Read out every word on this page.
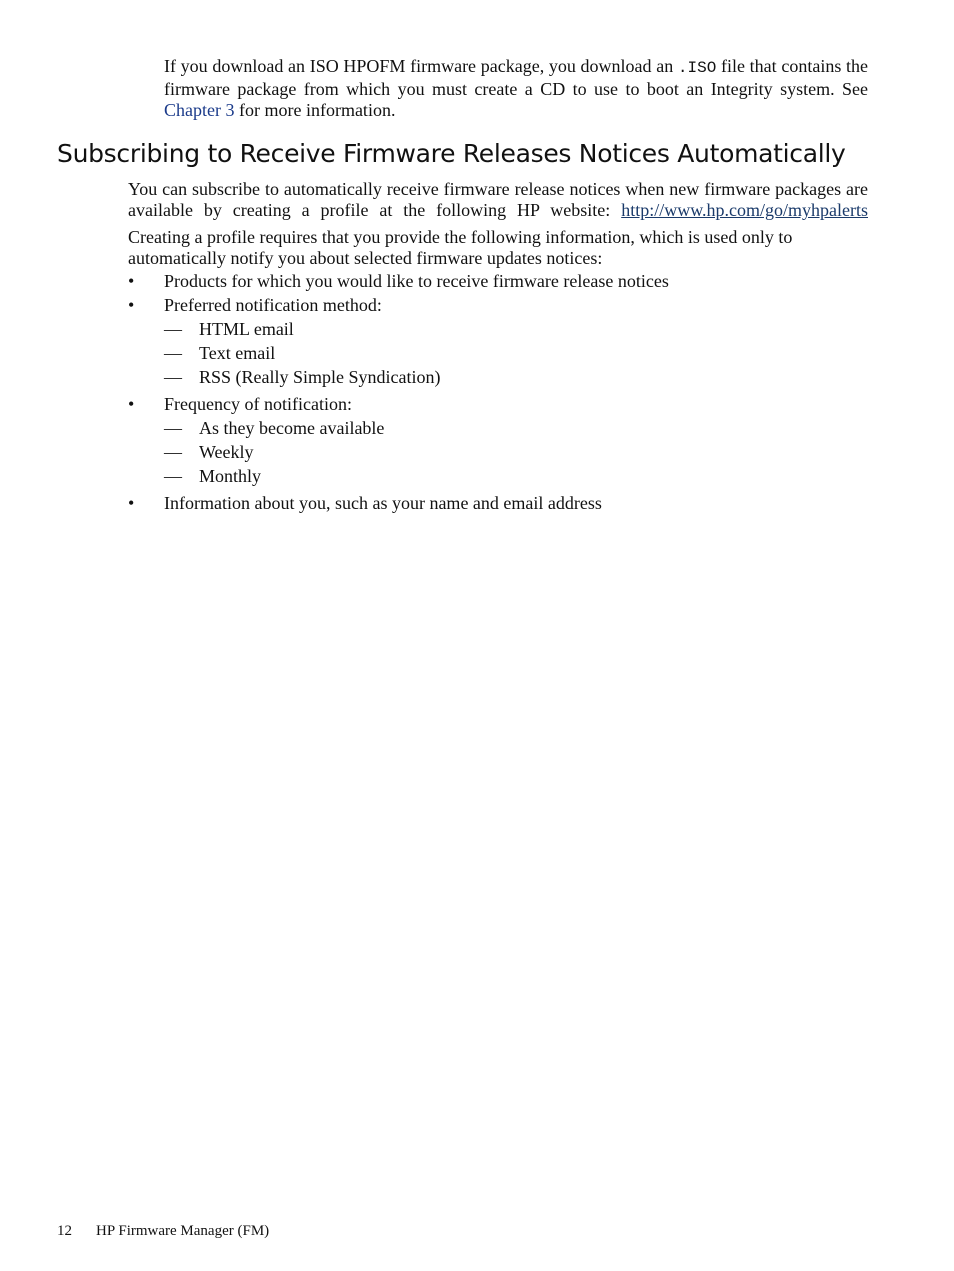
If you download an ISO HPOFM firmware package, you download an .ISO file that contains the firmware package from which you must create a CD to use to boot an Integrity system. See Chapter 3 for more information.

Subscribing to Receive Firmware Releases Notices Automatically

You can subscribe to automatically receive firmware release notices when new firmware packages are available by creating a profile at the following HP website: http://www.hp.com/go/myhpalerts

Creating a profile requires that you provide the following information, which is used only to automatically notify you about selected firmware updates notices:

• Products for which you would like to receive firmware release notices
• Preferred notification method:
— HTML email
— Text email
— RSS (Really Simple Syndication)
• Frequency of notification:
— As they become available
— Weekly
— Monthly
• Information about you, such as your name and email address
12 HP Firmware Manager (FM)
